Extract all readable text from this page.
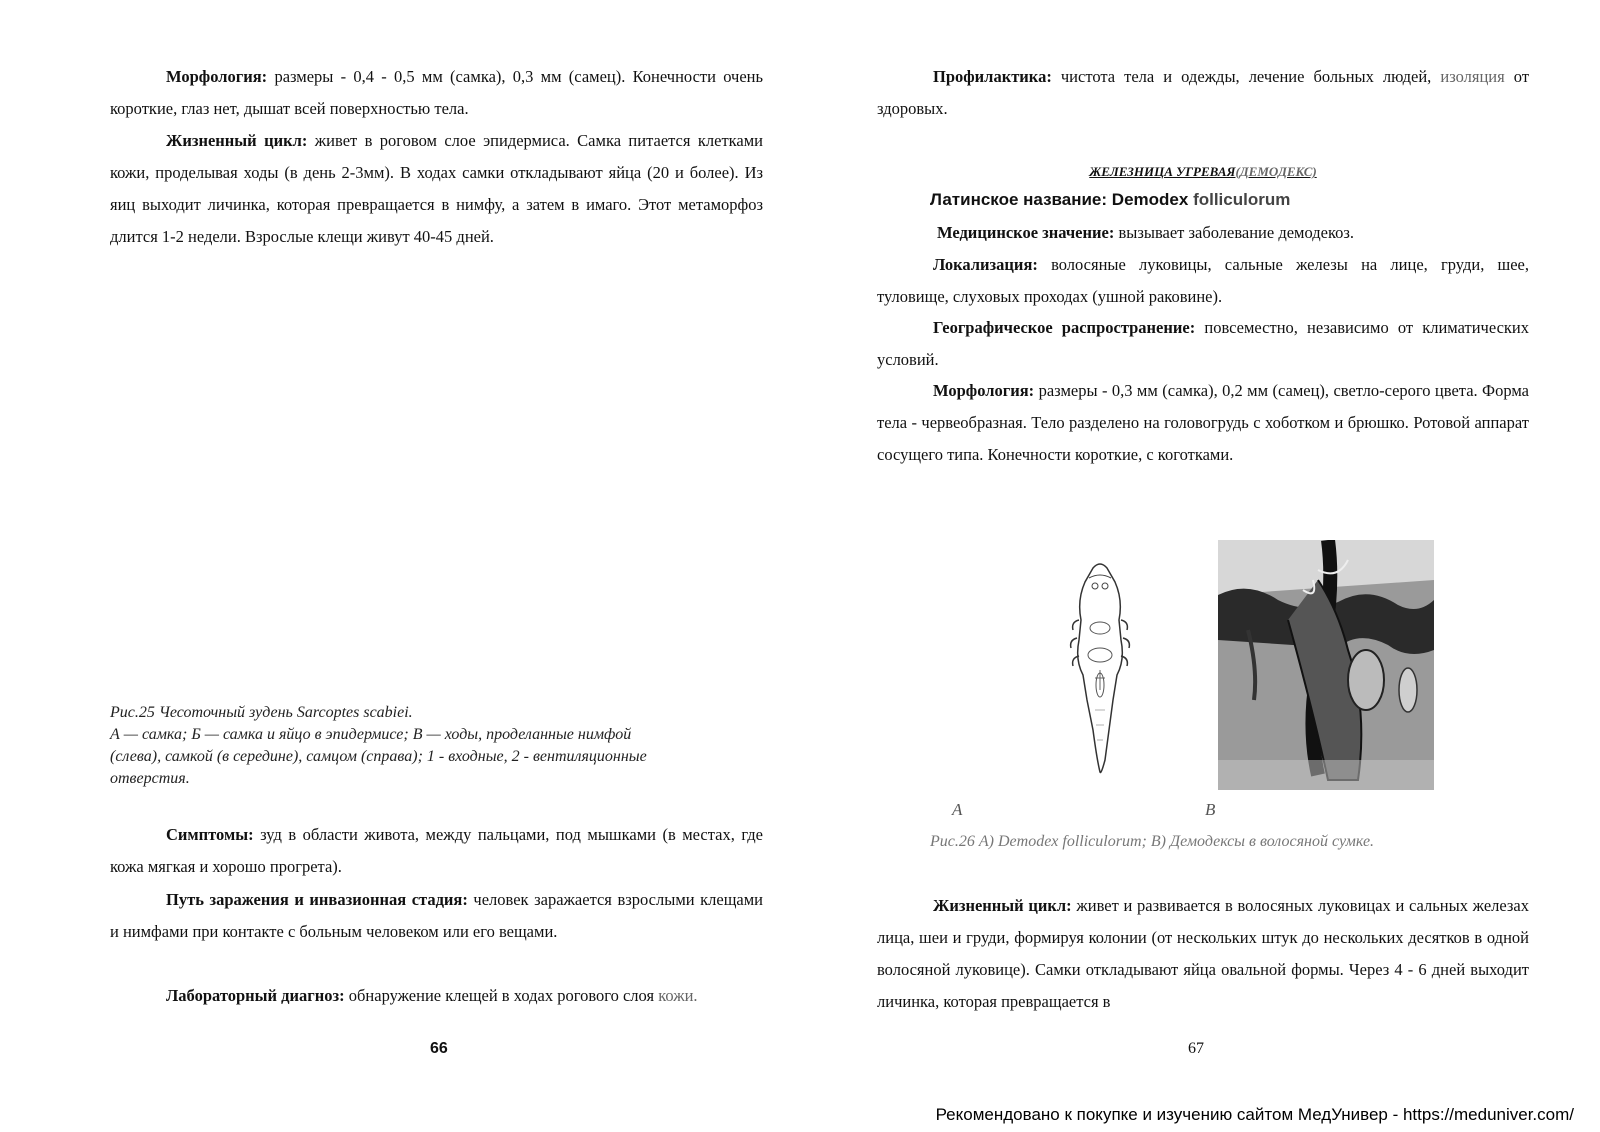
Морфология: размеры - 0,4 - 0,5 мм (самка), 0,3 мм (самец). Конечности очень короткие, глаз нет, дышат всей поверхностью тела.

Жизненный цикл: живет в роговом слое эпидермиса. Самка питается клетками кожи, проделывая ходы (в день 2-3мм). В ходах самки откладывают яйца (20 и более). Из яиц выходит личинка, которая превращается в нимфу, а затем в имаго. Этот метаморфоз длится 1-2 недели. Взрослые клещи живут 40-45 дней.

Рис.25 Чесоточный зудень Sarcoptes scabiei.
А — самка; Б — самка и яйцо в эпидермисе; В — ходы, проделанные нимфой
(слева), самкой (в середине), самцом (справа); 1 - входные, 2 - вентиляционные
отверстия.

Симптомы: зуд в области живота, между пальцами, под мышками (в местах, где кожа мягкая и хорошо прогрета).

Путь заражения и инвазионная стадия: человек заражается взрослыми клещами и нимфами при контакте с больным человеком или его вещами.

Лабораторный диагноз: обнаружение клещей в ходах рогового слоя кожи.

66

Профилактика: чистота тела и одежды, лечение больных людей, изоляция от здоровых.

ЖЕЛЕЗНИЦА УГРЕВАЯ(ДЕМОДЕКС)
Латинское название: Demodex folliculorum
Медицинское значение: вызывает заболевание демодекоз.

Локализация: волосяные луковицы, сальные железы на лице, груди, шее, туловище, слуховых проходах (ушной раковине).

Географическое распространение: повсеместно, независимо от климатических условий.

Морфология: размеры - 0,3 мм (самка), 0,2 мм (самец), светло-серого цвета. Форма тела - червеобразная. Тело разделено на головогрудь с хоботком и брюшко. Ротовой аппарат сосущего типа. Конечности короткие, с коготками.

A	B
Рис.26 A) Demodex folliculorum; B) Демодексы в волосяной сумке.

Жизненный цикл: живет и развивается в волосяных луковицах и сальных железах лица, шеи и груди, формируя колонии (от нескольких штук до нескольких десятков в одной волосяной луковице). Самки откладывают яйца овальной формы. Через 4 - 6 дней выходит личинка, которая превращается в

67
Рекомендовано к покупке и изучению сайтом МедУнивер - https://meduniver.com/
